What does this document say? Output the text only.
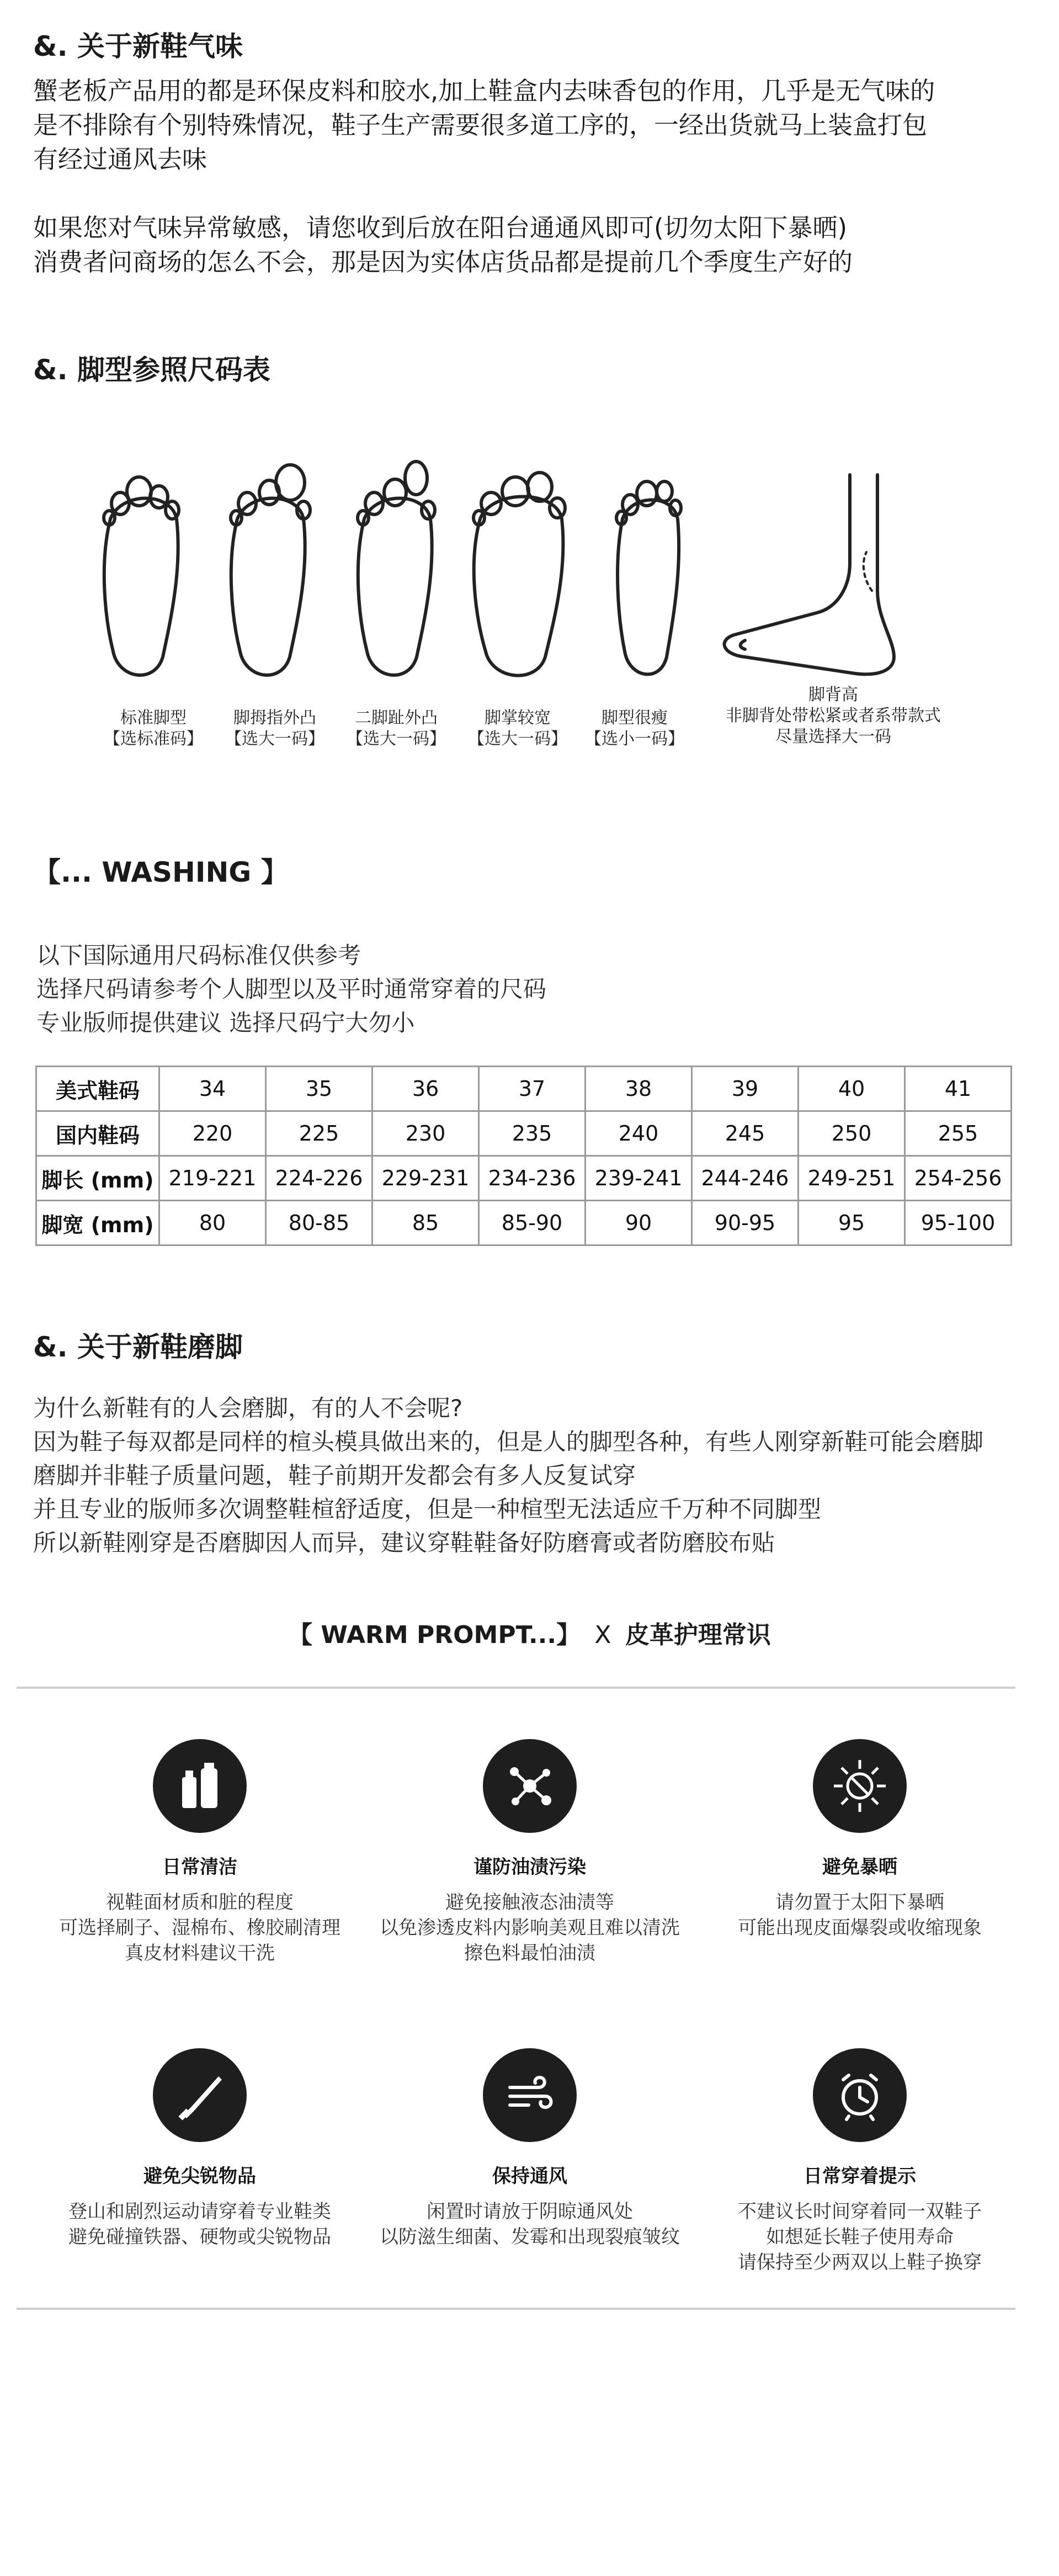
&. 关于新鞋气味
蟹老板产品用的都是环保皮料和胶水,加上鞋盒内去味香包的作用，几乎是无气味的
是不排除有个别特殊情况，鞋子生产需要很多道工序的，一经出货就马上装盒打包
有经过通风去味
如果您对气味异常敏感，请您收到后放在阳台通通风即可(切勿太阳下暴晒)
消费者问商场的怎么不会，那是因为实体店货品都是提前几个季度生产好的
&. 脚型参照尺码表
标准脚型
【选标准码】
脚拇指外凸
【选大一码】
二脚趾外凸
【选大一码】
脚掌较宽
【选大一码】
脚型很瘦
【选小一码】
脚背高
非脚背处带松紧或者系带款式
尽量选择大一码
【... WASHING 】
以下国际通用尺码标准仅供参考
选择尺码请参考个人脚型以及平时通常穿着的尺码
专业版师提供建议 选择尺码宁大勿小
美式鞋码	34	35	36	37	38	39	40	41
国内鞋码	220	225	230	235	240	245	250	255
脚长 (mm)	219-221	224-226	229-231	234-236	239-241	244-246	249-251	254-256
脚宽 (mm)	80	80-85	85	85-90	90	90-95	95	95-100
&. 关于新鞋磨脚
为什么新鞋有的人会磨脚，有的人不会呢?
因为鞋子每双都是同样的楦头模具做出来的，但是人的脚型各种，有些人刚穿新鞋可能会磨脚
磨脚并非鞋子质量问题，鞋子前期开发都会有多人反复试穿
并且专业的版师多次调整鞋楦舒适度，但是一种楦型无法适应千万种不同脚型
所以新鞋刚穿是否磨脚因人而异，建议穿鞋鞋备好防磨膏或者防磨胶布贴
【 WARM PROMPT...】 X 皮革护理常识
日常清洁
视鞋面材质和脏的程度
可选择刷子、湿棉布、橡胶刷清理
真皮材料建议干洗
谨防油渍污染
避免接触液态油渍等
以免渗透皮料内影响美观且难以清洗
擦色料最怕油渍
避免暴晒
请勿置于太阳下暴晒
可能出现皮面爆裂或收缩现象
避免尖锐物品
登山和剧烈运动请穿着专业鞋类
避免碰撞铁器、硬物或尖锐物品
保持通风
闲置时请放于阴晾通风处
以防滋生细菌、发霉和出现裂痕皱纹
日常穿着提示
不建议长时间穿着同一双鞋子
如想延长鞋子使用寿命
请保持至少两双以上鞋子换穿
